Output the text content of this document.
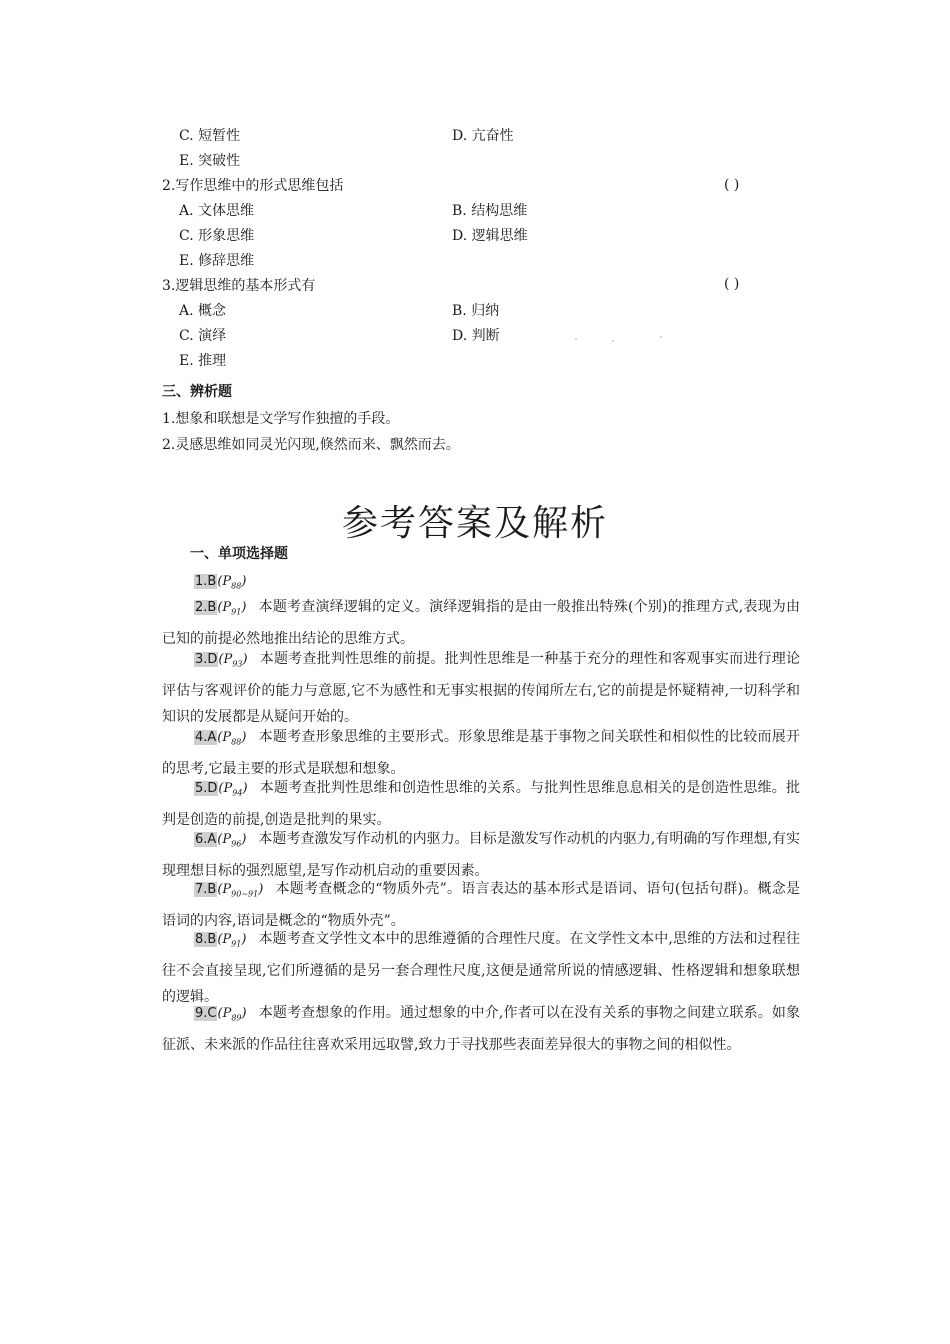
C. 短暂性	D. 亢奋性
E. 突破性
2.写作思维中的形式思维包括	( )
A. 文体思维	B. 结构思维
C. 形象思维	D. 逻辑思维
E. 修辞思维
3.逻辑思维的基本形式有	( )
A. 概念	B. 归纳
C. 演绎	D. 判断
E. 推理
三、辨析题
1.想象和联想是文学写作独擅的手段。
2.灵感思维如同灵光闪现,倏然而来、飘然而去。
参考答案及解析
一、单项选择题
$1.B(P_{88})$
$2.B(P_{91})$ 本题考查演绎逻辑的定义。演绎逻辑指的是由一般推出特殊(个别)的推理方式,表现为由已知的前提必然地推出结论的思维方式。
$3.D(P_{93})$ 本题考查批判性思维的前提。批判性思维是一种基于充分的理性和客观事实而进行理论评估与客观评价的能力与意愿,它不为感性和无事实根据的传闻所左右,它的前提是怀疑精神,一切科学和知识的发展都是从疑问开始的。
$4.A(P_{88})$ 本题考查形象思维的主要形式。形象思维是基于事物之间关联性和相似性的比较而展开的思考,它最主要的形式是联想和想象。
$5.D(P_{94})$ 本题考查批判性思维和创造性思维的关系。与批判性思维息息相关的是创造性思维。批判是创造的前提,创造是批判的果实。
$6.A(P_{96})$ 本题考查激发写作动机的内驱力。目标是激发写作动机的内驱力,有明确的写作理想,有实现理想目标的强烈愿望,是写作动机启动的重要因素。
$7.B(P_{90\sim 91})$ 本题考查概念的“物质外壳”。语言表达的基本形式是语词、语句(包括句群)。概念是语词的内容,语词是概念的“物质外壳”。
$8.B(P_{91})$ 本题考查文学性文本中的思维遵循的合理性尺度。在文学性文本中,思维的方法和过程往往不会直接呈现,它们所遵循的是另一套合理性尺度,这便是通常所说的情感逻辑、性格逻辑和想象联想的逻辑。
$9.C(P_{89})$ 本题考查想象的作用。通过想象的中介,作者可以在没有关系的事物之间建立联系。如象征派、未来派的作品往往喜欢采用远取譬,致力于寻找那些表面差异很大的事物之间的相似性。
